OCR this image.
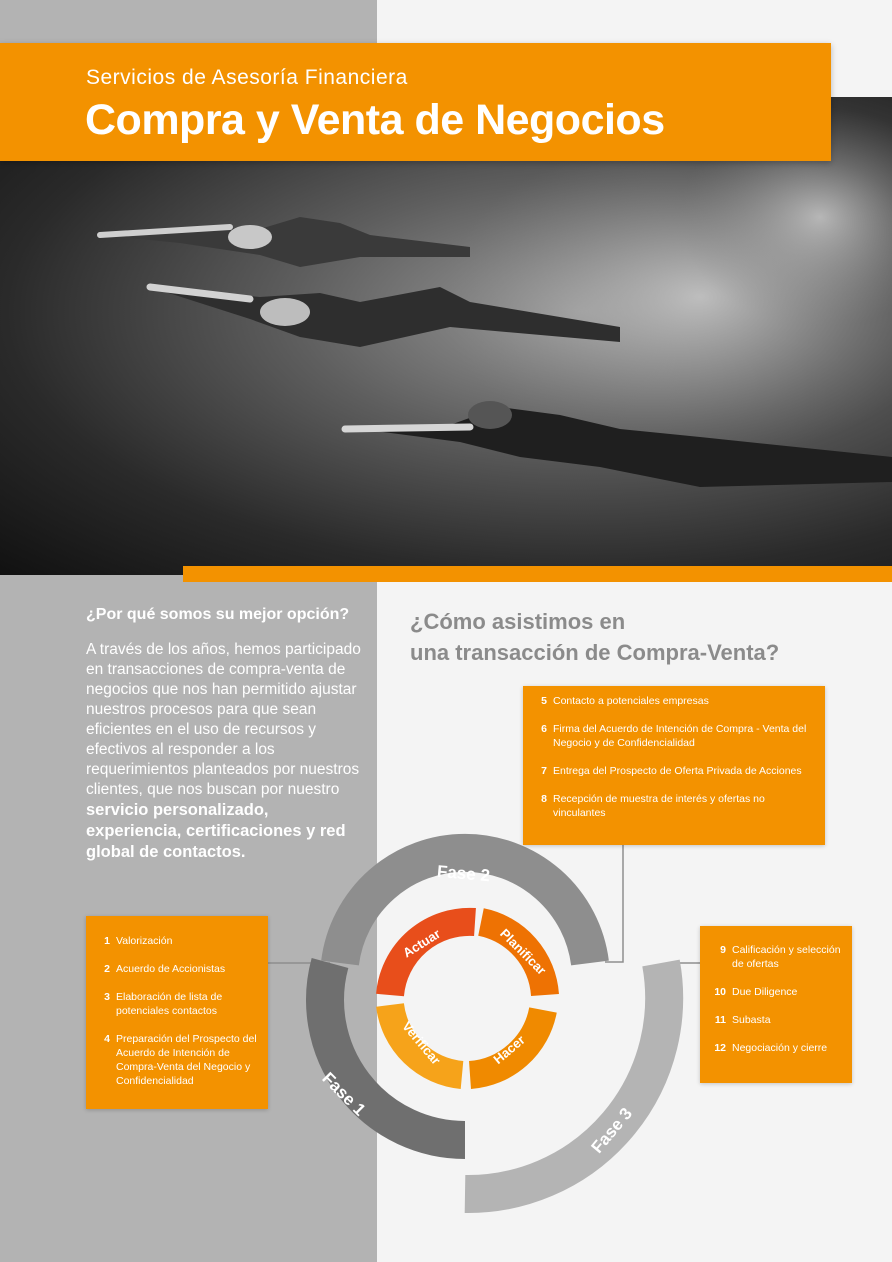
Servicios de Asesoría Financiera
Compra y Venta de Negocios
¿Por qué somos su mejor opción?
A través de los años, hemos participado en transacciones de compra-venta de negocios que nos han permitido ajustar nuestros procesos para que sean eficientes en el uso de recursos y efectivos al responder a los requerimientos planteados por nuestros clientes, que nos buscan por nuestro servicio personalizado, experiencia, certificaciones y red global de contactos.
¿Cómo asistimos en
una transacción de Compra-Venta?
Fase 2
Fase 1
Fase 3
Actuar	Planificar
Hacer
Verificar
1 Valorización
2 Acuerdo de Accionistas
3 Elaboración de lista de potenciales contactos
4 Preparación del Prospecto del Acuerdo de Intención de Compra-Venta del Negocio y Confidencialidad
5 Contacto a potenciales empresas
6 Firma del Acuerdo de Intención de Compra - Venta del Negocio y de Confidencialidad
7 Entrega del Prospecto de Oferta Privada de Acciones
8 Recepción de muestra de interés y ofertas no vinculantes
9 Calificación y selección de ofertas
10 Due Diligence
11 Subasta
12 Negociación y cierre
